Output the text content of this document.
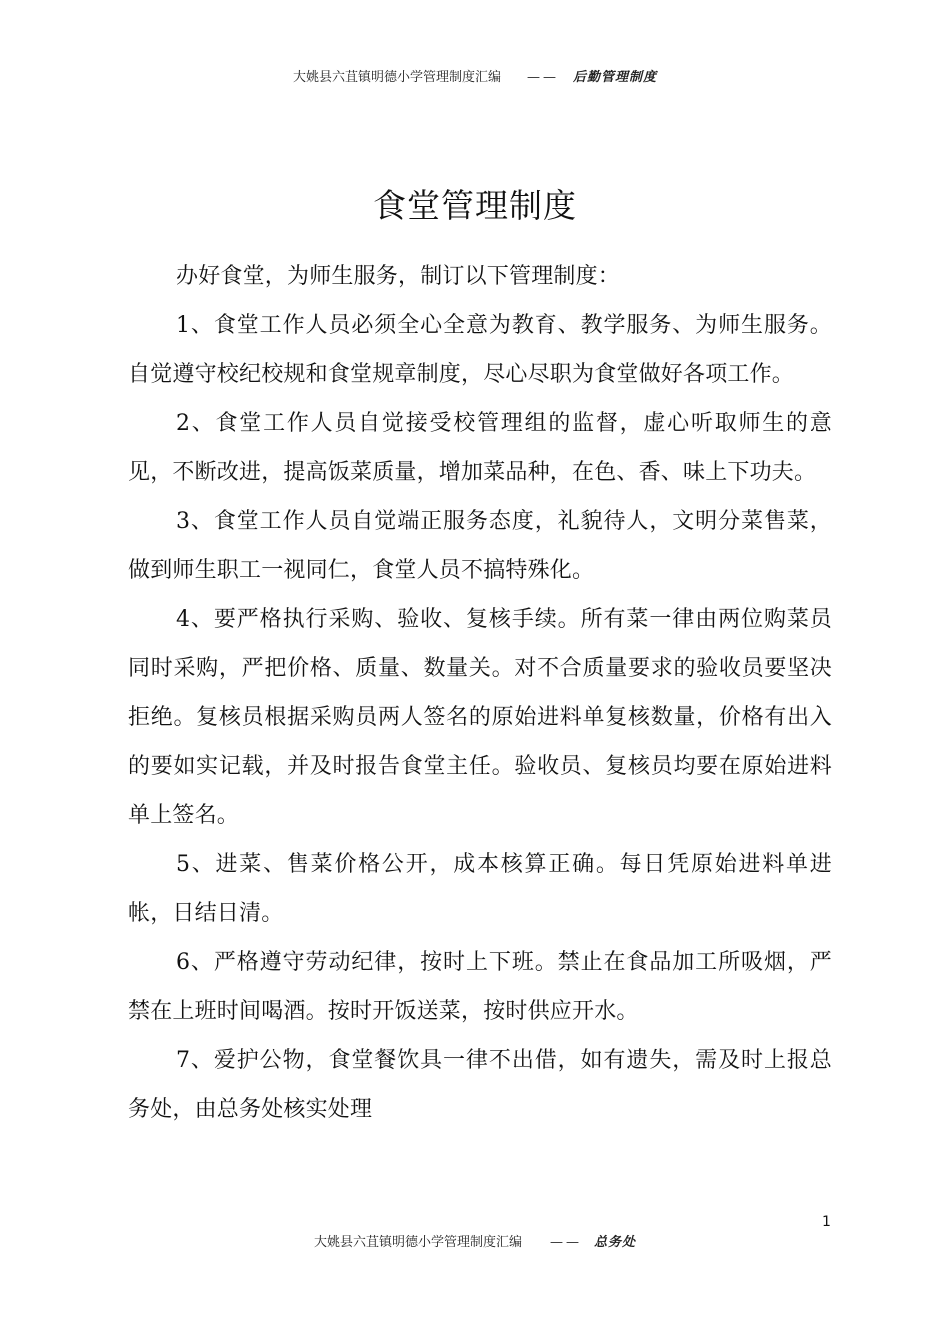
大姚县六苴镇明德小学管理制度汇编 —— 后勤管理制度
食堂管理制度

办好食堂，为师生服务，制订以下管理制度：

1、食堂工作人员必须全心全意为教育、教学服务、为师生服务。自觉遵守校纪校规和食堂规章制度，尽心尽职为食堂做好各项工作。

2、食堂工作人员自觉接受校管理组的监督，虚心听取师生的意见，不断改进，提高饭菜质量，增加菜品种，在色、香、味上下功夫。

3、食堂工作人员自觉端正服务态度，礼貌待人，文明分菜售菜，做到师生职工一视同仁，食堂人员不搞特殊化。

4、要严格执行采购、验收、复核手续。所有菜一律由两位购菜员同时采购，严把价格、质量、数量关。对不合质量要求的验收员要坚决拒绝。复核员根据采购员两人签名的原始进料单复核数量，价格有出入的要如实记载，并及时报告食堂主任。验收员、复核员均要在原始进料单上签名。

5、进菜、售菜价格公开，成本核算正确。每日凭原始进料单进帐，日结日清。

6、严格遵守劳动纪律，按时上下班。禁止在食品加工所吸烟，严禁在上班时间喝酒。按时开饭送菜，按时供应开水。

7、爱护公物，食堂餐饮具一律不出借，如有遗失，需及时上报总务处，由总务处核实处理

1
大姚县六苴镇明德小学管理制度汇编 —— 总务处
